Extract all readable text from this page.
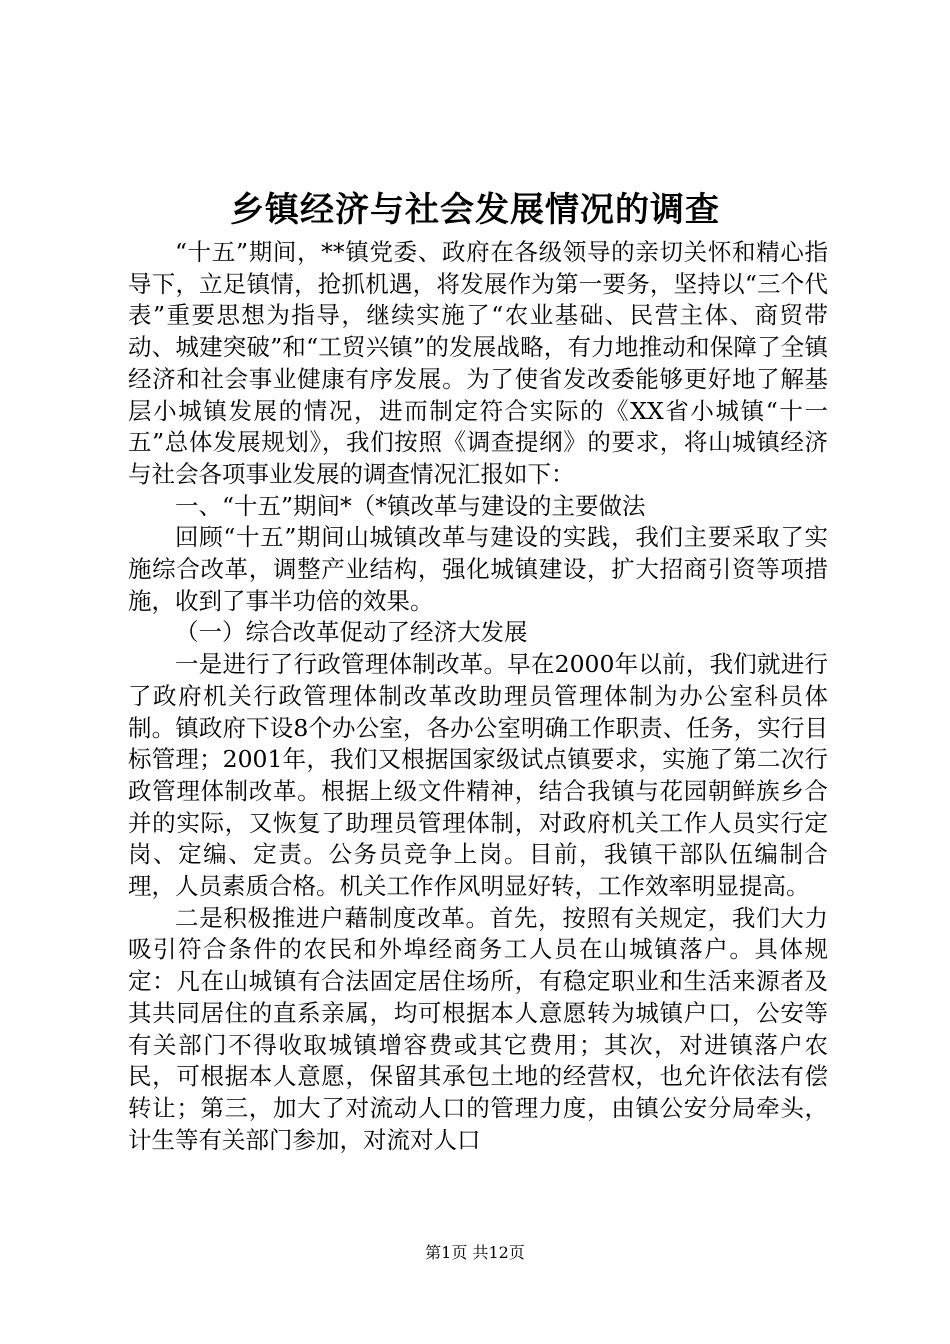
乡镇经济与社会发展情况的调查

“十五”期间，**镇党委、政府在各级领导的亲切关怀和精心指导下，立足镇情，抢抓机遇，将发展作为第一要务，坚持以“三个代表”重要思想为指导，继续实施了“农业基础、民营主体、商贸带动、城建突破”和“工贸兴镇”的发展战略，有力地推动和保障了全镇经济和社会事业健康有序发展。为了使省发改委能够更好地了解基层小城镇发展的情况，进而制定符合实际的《XX省小城镇“十一五”总体发展规划》，我们按照《调查提纲》的要求，将山城镇经济与社会各项事业发展的调查情况汇报如下：

一、“十五”期间*（*镇改革与建设的主要做法

回顾“十五”期间山城镇改革与建设的实践，我们主要采取了实施综合改革，调整产业结构，强化城镇建设，扩大招商引资等项措施，收到了事半功倍的效果。

（一）综合改革促动了经济大发展

一是进行了行政管理体制改革。早在2000年以前，我们就进行了政府机关行政管理体制改革改助理员管理体制为办公室科员体制。镇政府下设8个办公室，各办公室明确工作职责、任务，实行目标管理；2001年，我们又根据国家级试点镇要求，实施了第二次行政管理体制改革。根据上级文件精神，结合我镇与花园朝鲜族乡合并的实际，又恢复了助理员管理体制，对政府机关工作人员实行定岗、定编、定责。公务员竞争上岗。目前，我镇干部队伍编制合理，人员素质合格。机关工作作风明显好转，工作效率明显提高。

二是积极推进户藉制度改革。首先，按照有关规定，我们大力吸引符合条件的农民和外埠经商务工人员在山城镇落户。具体规定：凡在山城镇有合法固定居住场所，有稳定职业和生活来源者及其共同居住的直系亲属，均可根据本人意愿转为城镇户口，公安等有关部门不得收取城镇增容费或其它费用；其次，对进镇落户农民，可根据本人意愿，保留其承包土地的经营权，也允许依法有偿转让；第三，加大了对流动人口的管理力度，由镇公安分局牵头，计生等有关部门参加，对流对人口

第1页 共12页
